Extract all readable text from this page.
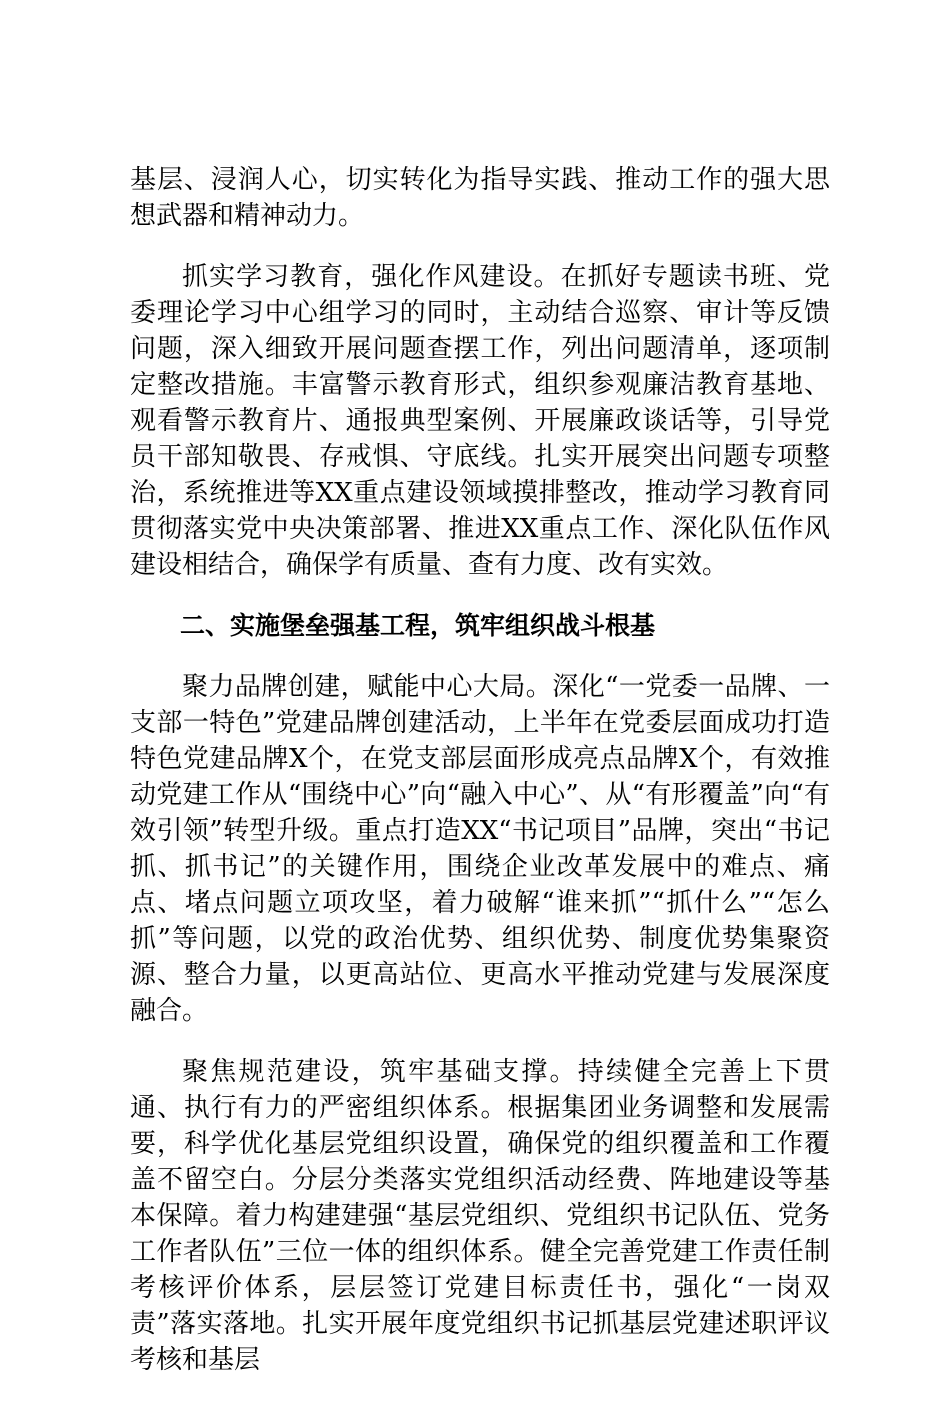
基层、浸润人心，切实转化为指导实践、推动工作的强大思想武器和精神动力。

抓实学习教育，强化作风建设。在抓好专题读书班、党委理论学习中心组学习的同时，主动结合巡察、审计等反馈问题，深入细致开展问题查摆工作，列出问题清单，逐项制定整改措施。丰富警示教育形式，组织参观廉洁教育基地、观看警示教育片、通报典型案例、开展廉政谈话等，引导党员干部知敬畏、存戒惧、守底线。扎实开展突出问题专项整治，系统推进等XX重点建设领域摸排整改，推动学习教育同贯彻落实党中央决策部署、推进XX重点工作、深化队伍作风建设相结合，确保学有质量、查有力度、改有实效。

二、实施堡垒强基工程，筑牢组织战斗根基

聚力品牌创建，赋能中心大局。深化“一党委一品牌、一支部一特色”党建品牌创建活动，上半年在党委层面成功打造特色党建品牌X个，在党支部层面形成亮点品牌X个，有效推动党建工作从“围绕中心”向“融入中心”、从“有形覆盖”向“有效引领”转型升级。重点打造XX“书记项目”品牌，突出“书记抓、抓书记”的关键作用，围绕企业改革发展中的难点、痛点、堵点问题立项攻坚，着力破解“谁来抓”“抓什么”“怎么抓”等问题，以党的政治优势、组织优势、制度优势集聚资源、整合力量，以更高站位、更高水平推动党建与发展深度融合。

聚焦规范建设，筑牢基础支撑。持续健全完善上下贯通、执行有力的严密组织体系。根据集团业务调整和发展需要，科学优化基层党组织设置，确保党的组织覆盖和工作覆盖不留空白。分层分类落实党组织活动经费、阵地建设等基本保障。着力构建建强“基层党组织、党组织书记队伍、党务工作者队伍”三位一体的组织体系。健全完善党建工作责任制考核评价体系，层层签订党建目标责任书，强化“一岗双责”落实落地。扎实开展年度党组织书记抓基层党建述职评议考核和基层
